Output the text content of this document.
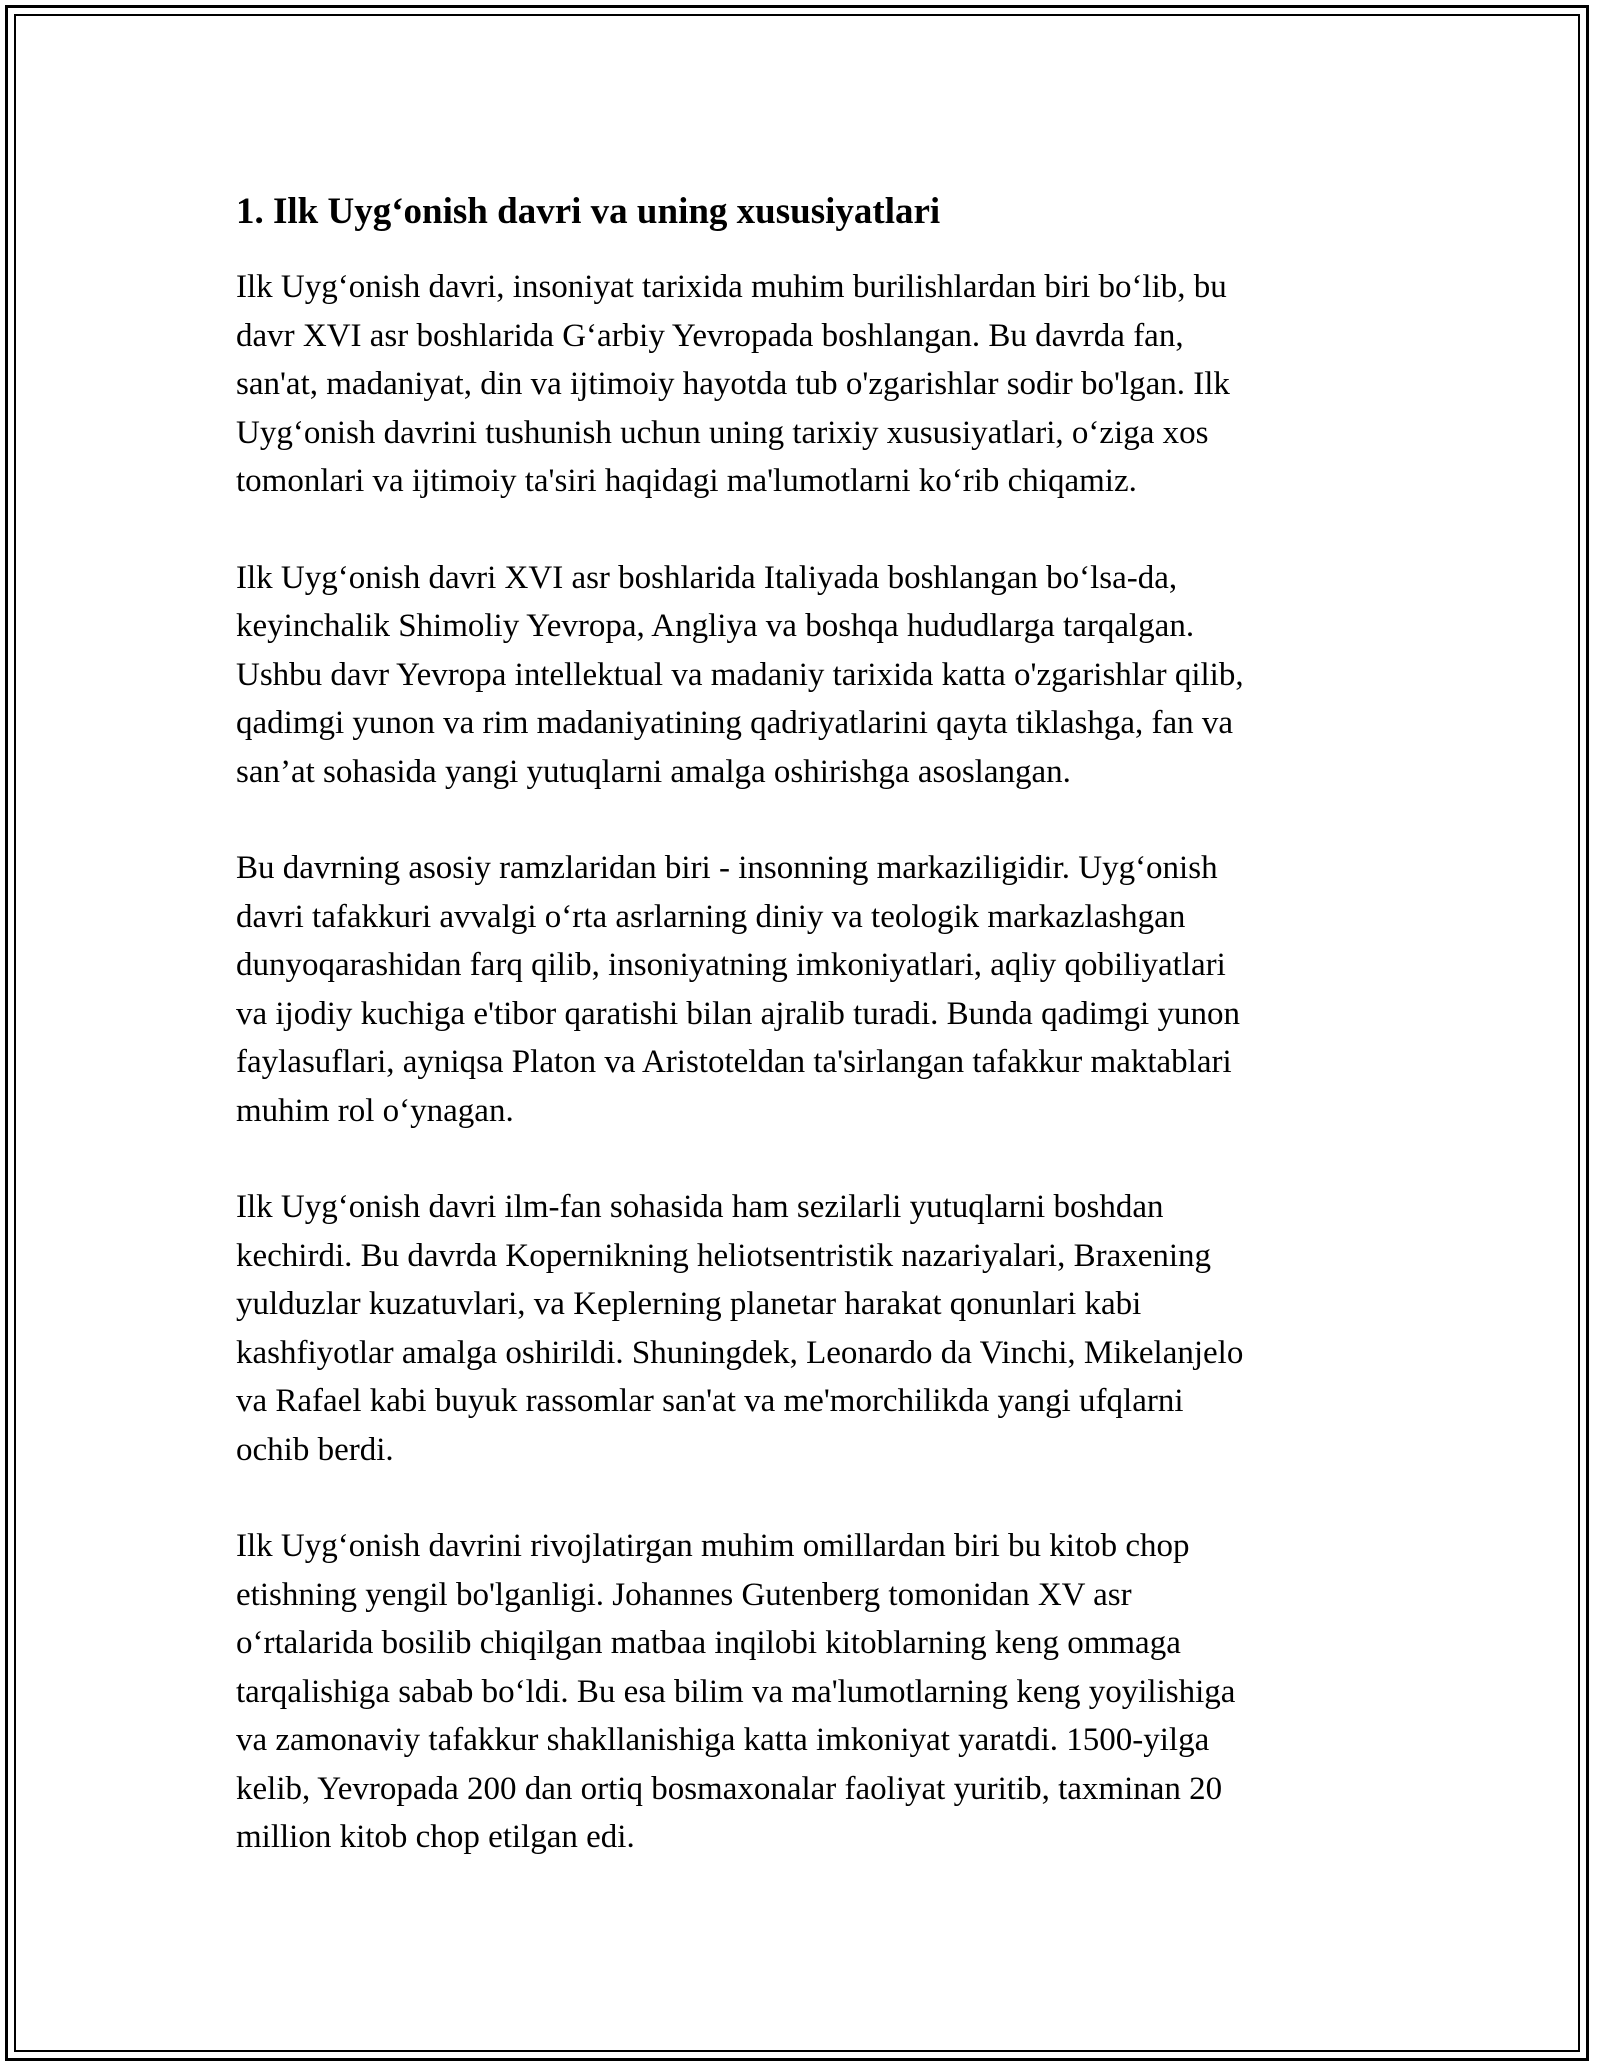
1. Ilk Uyg‘onish davri va uning xususiyatlari

Ilk Uyg‘onish davri, insoniyat tarixida muhim burilishlardan biri bo‘lib, bu
davr XVI asr boshlarida G‘arbiy Yevropada boshlangan. Bu davrda fan,
san'at, madaniyat, din va ijtimoiy hayotda tub o'zgarishlar sodir bo'lgan. Ilk
Uyg‘onish davrini tushunish uchun uning tarixiy xususiyatlari, o‘ziga xos
tomonlari va ijtimoiy ta'siri haqidagi ma'lumotlarni ko‘rib chiqamiz.

Ilk Uyg‘onish davri XVI asr boshlarida Italiyada boshlangan bo‘lsa-da,
keyinchalik Shimoliy Yevropa, Angliya va boshqa hududlarga tarqalgan.
Ushbu davr Yevropa intellektual va madaniy tarixida katta o'zgarishlar qilib,
qadimgi yunon va rim madaniyatining qadriyatlarini qayta tiklashga, fan va
san’at sohasida yangi yutuqlarni amalga oshirishga asoslangan.

Bu davrning asosiy ramzlaridan biri - insonning markaziligidir. Uyg‘onish
davri tafakkuri avvalgi o‘rta asrlarning diniy va teologik markazlashgan
dunyoqarashidan farq qilib, insoniyatning imkoniyatlari, aqliy qobiliyatlari
va ijodiy kuchiga e'tibor qaratishi bilan ajralib turadi. Bunda qadimgi yunon
faylasuflari, ayniqsa Platon va Aristoteldan ta'sirlangan tafakkur maktablari
muhim rol o‘ynagan.

Ilk Uyg‘onish davri ilm-fan sohasida ham sezilarli yutuqlarni boshdan
kechirdi. Bu davrda Kopernikning heliotsentristik nazariyalari, Braxening
yulduzlar kuzatuvlari, va Keplerning planetar harakat qonunlari kabi
kashfiyotlar amalga oshirildi. Shuningdek, Leonardo da Vinchi, Mikelanjelo
va Rafael kabi buyuk rassomlar san'at va me'morchilikda yangi ufqlarni
ochib berdi.

Ilk Uyg‘onish davrini rivojlatirgan muhim omillardan biri bu kitob chop
etishning yengil bo'lganligi. Johannes Gutenberg tomonidan XV asr
o‘rtalarida bosilib chiqilgan matbaa inqilobi kitoblarning keng ommaga
tarqalishiga sabab bo‘ldi. Bu esa bilim va ma'lumotlarning keng yoyilishiga
va zamonaviy tafakkur shakllanishiga katta imkoniyat yaratdi. 1500-yilga
kelib, Yevropada 200 dan ortiq bosmaxonalar faoliyat yuritib, taxminan 20
million kitob chop etilgan edi.
